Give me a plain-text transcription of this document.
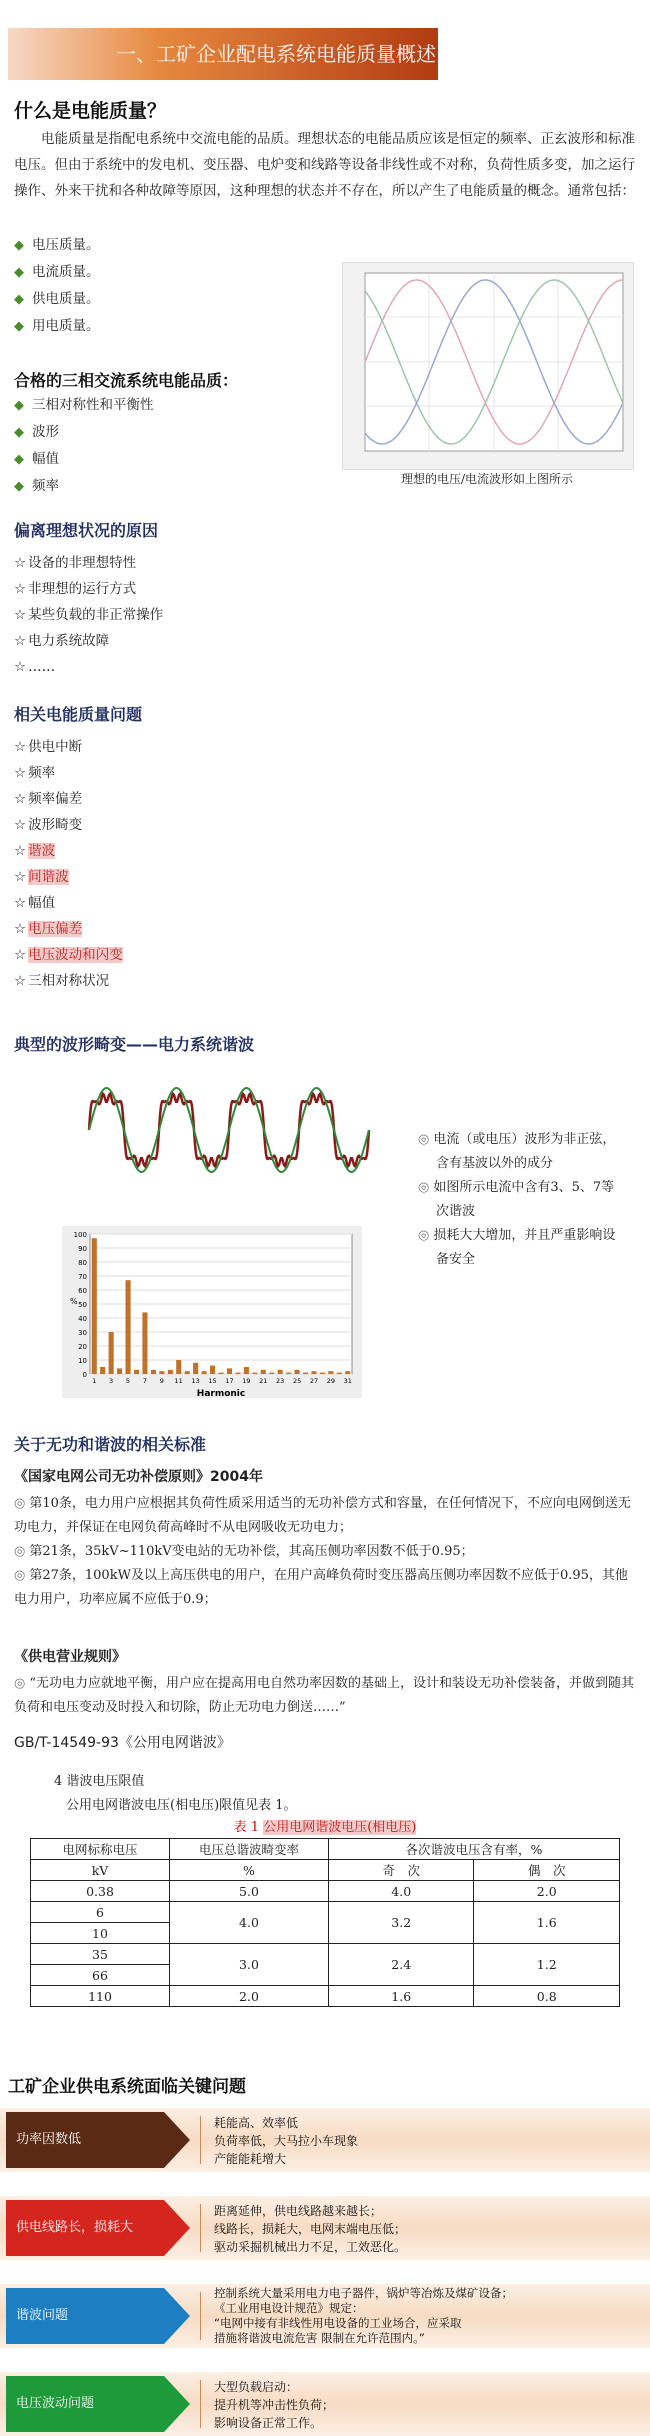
一、工矿企业配电系统电能质量概述
什么是电能质量？
电能质量是指配电系统中交流电能的品质。理想状态的电能品质应该是恒定的频率、正玄波形和标准电压。但由于系统中的发电机、变压器、电炉变和线路等设备非线性或不对称，负荷性质多变，加之运行操作、外来干扰和各种故障等原因，这种理想的状态并不存在，所以产生了电能质量的概念。通常包括：
◆ 电压质量。
◆ 电流质量。
◆ 供电质量。
◆ 用电质量。
理想的电压/电流波形如上图所示
合格的三相交流系统电能品质：
◆ 三相对称性和平衡性
◆ 波形
◆ 幅值
◆ 频率
偏离理想状况的原因
☆ 设备的非理想特性
☆ 非理想的运行方式
☆ 某些负载的非正常操作
☆ 电力系统故障
☆ ……
相关电能质量问题
☆ 供电中断
☆ 频率
☆ 频率偏差
☆ 波形畸变
☆ 谐波
☆ 间谐波
☆ 幅值
☆ 电压偏差
☆ 电压波动和闪变
☆ 三相对称状况
典型的波形畸变——电力系统谐波
◎ 电流（或电压）波形为非正弦，含有基波以外的成分
◎ 如图所示电流中含有3、5、7等次谐波
◎ 损耗大大增加，并且严重影响设备安全
0
10
20
30
40
50
60
70
80
90
100
1 3 5 7 9 11 13 15 17 19 21 23 25 27 29 31
%
Harmonic
关于无功和谐波的相关标准
《国家电网公司无功补偿原则》2004年
◎ 第10条，电力用户应根据其负荷性质采用适当的无功补偿方式和容量，在任何情况下，不应向电网倒送无功电力，并保证在电网负荷高峰时不从电网吸收无功电力；
◎ 第21条，35kV~110kV变电站的无功补偿，其高压侧功率因数不低于0.95；
◎ 第27条，100kW及以上高压供电的用户，在用户高峰负荷时变压器高压侧功率因数不应低于0.95，其他电力用户，功率应属不应低于0.9；
《供电营业规则》
◎ “无功电力应就地平衡，用户应在提高用电自然功率因数的基础上，设计和装设无功补偿装备，并做到随其负荷和电压变动及时投入和切除，防止无功电力倒送……”
GB/T-14549-93《公用电网谐波》
4 谐波电压限值
公用电网谐波电压(相电压)限值见表 1。
表 1 公用电网谐波电压(相电压)
电网标称电压	电压总谐波畸变率	各次谐波电压含有率，%	
kV	%	奇　次	偶　次
0.38	5.0	4.0	2.0
6	4.0	3.2	1.6
10			
35	3.0	2.4	1.2
66			
110	2.0	1.6	0.8
工矿企业供电系统面临关键问题
功率因数低
耗能高、效率低
负荷率低，大马拉小车现象
产能能耗增大
供电线路长，损耗大
距离延伸，供电线路越来越长；
线路长，损耗大，电网末端电压低；
驱动采掘机械出力不足，工效恶化。
谐波问题
控制系统大量采用电力电子器件，锅炉等冶炼及煤矿设备；
《工业用电设计规范》规定：
“电网中接有非线性用电设备的工业场合，应采取
措施将谐波电流危害 限制在允许范围内。”
电压波动问题
大型负载启动：
提升机等冲击性负荷；
影响设备正常工作。
